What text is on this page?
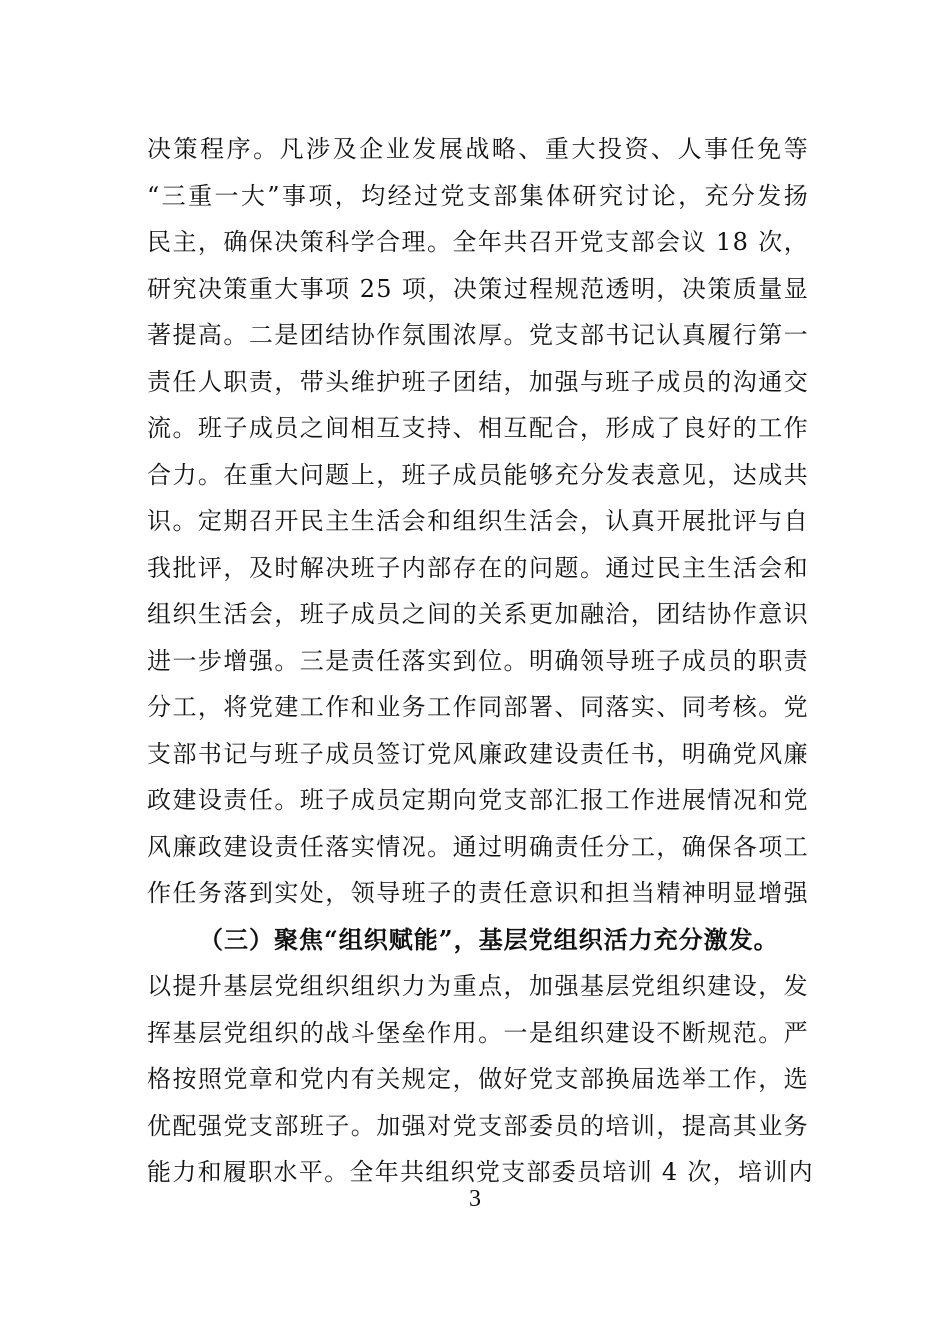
决策程序。凡涉及企业发展战略、重大投资、人事任免等
“三重一大”事项，均经过党支部集体研究讨论，充分发扬
民主，确保决策科学合理。全年共召开党支部会议 18 次，
研究决策重大事项 25 项，决策过程规范透明，决策质量显
著提高。二是团结协作氛围浓厚。党支部书记认真履行第一
责任人职责，带头维护班子团结，加强与班子成员的沟通交
流。班子成员之间相互支持、相互配合，形成了良好的工作
合力。在重大问题上，班子成员能够充分发表意见，达成共
识。定期召开民主生活会和组织生活会，认真开展批评与自
我批评，及时解决班子内部存在的问题。通过民主生活会和
组织生活会，班子成员之间的关系更加融洽，团结协作意识
进一步增强。三是责任落实到位。明确领导班子成员的职责
分工，将党建工作和业务工作同部署、同落实、同考核。党
支部书记与班子成员签订党风廉政建设责任书，明确党风廉
政建设责任。班子成员定期向党支部汇报工作进展情况和党
风廉政建设责任落实情况。通过明确责任分工，确保各项工
作任务落到实处，领导班子的责任意识和担当精神明显增强
（三）聚焦“组织赋能”，基层党组织活力充分激发。
以提升基层党组织组织力为重点，加强基层党组织建设，发
挥基层党组织的战斗堡垒作用。一是组织建设不断规范。严
格按照党章和党内有关规定，做好党支部换届选举工作，选
优配强党支部班子。加强对党支部委员的培训，提高其业务
能力和履职水平。全年共组织党支部委员培训 4 次，培训内
3
